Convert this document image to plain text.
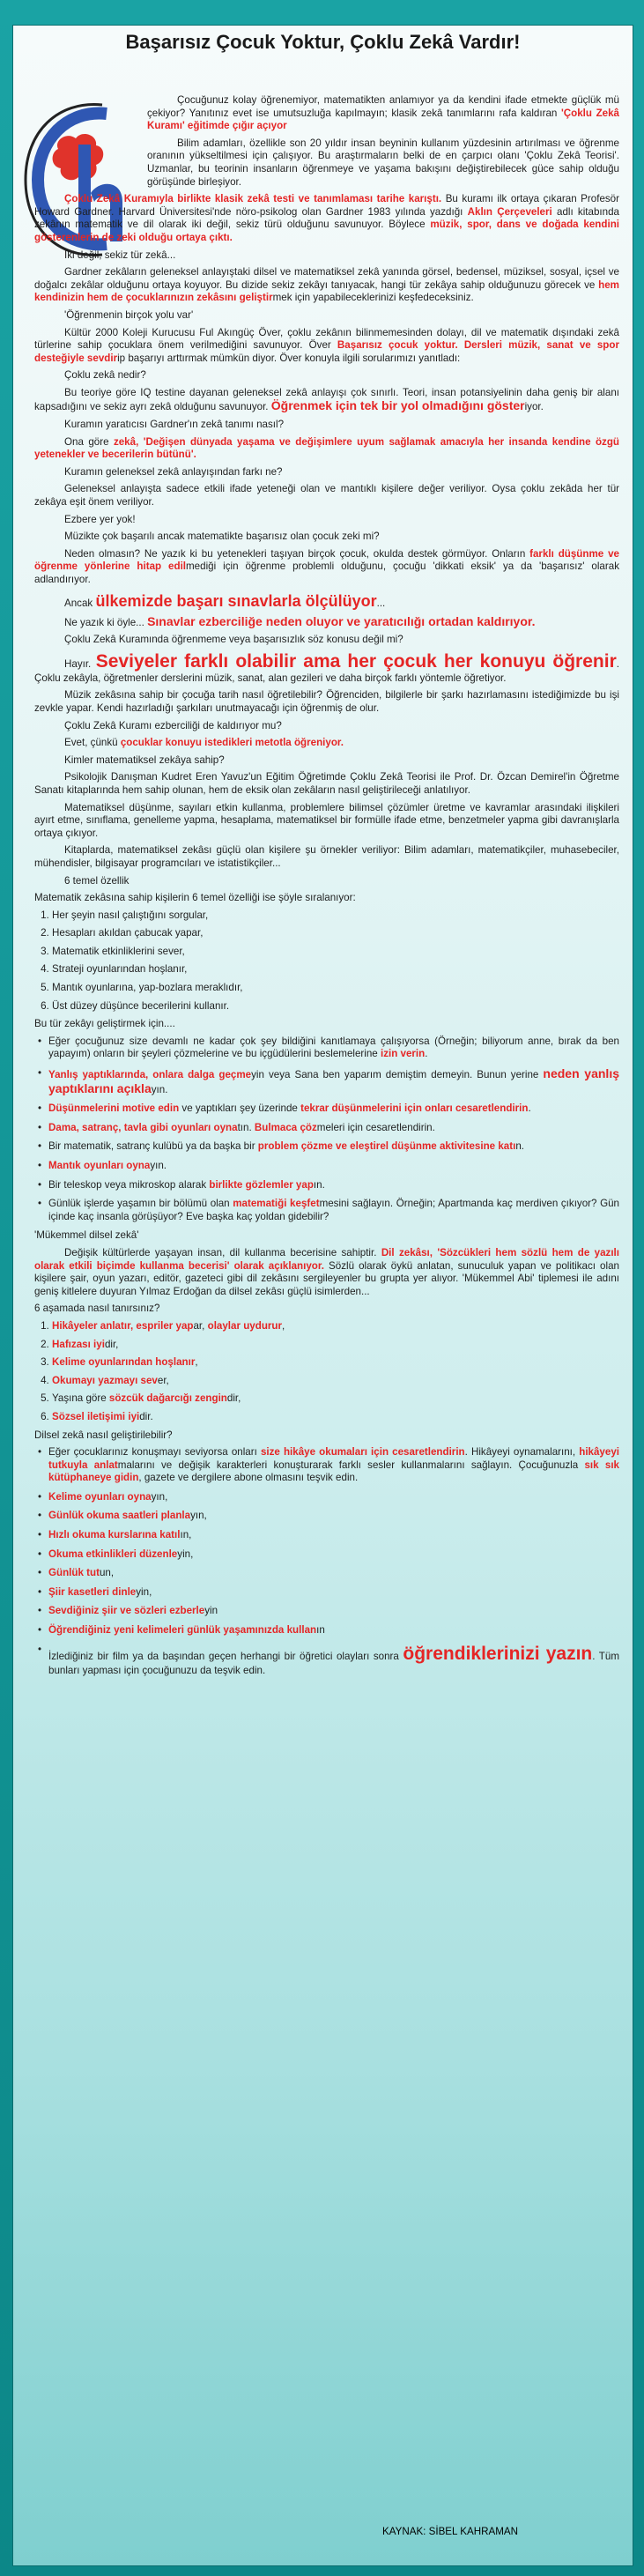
Başarısız Çocuk Yoktur, Çoklu Zekâ Vardır!

Çocuğunuz kolay öğrenemiyor, matematikten anlamıyor ya da kendini ifade etmekte güçlük mü çekiyor? Yanıtınız evet ise umutsuzluğa kapılmayın; klasik zekâ tanımlarını rafa kaldıran 'Çoklu Zekâ Kuramı' eğitimde çığır açıyor

Bilim adamları, özellikle son 20 yıldır insan beyninin kullanım yüzdesinin artırılması ve öğrenme oranının yükseltilmesi için çalışıyor. Bu araştırmaların belki de en çarpıcı olanı 'Çoklu Zekâ Teorisi'. Uzmanlar, bu teorinin insanların öğrenmeye ve yaşama bakışını değiştirebilecek güce sahip olduğu görüşünde birleşiyor.

Çoklu Zekâ Kuramıyla birlikte klasik zekâ testi ve tanımlaması tarihe karıştı. Bu kuramı ilk ortaya çıkaran Profesör Howard Gardner. Harvard Üniversitesi'nde nöro-psikolog olan Gardner 1983 yılında yazdığı Aklın Çerçeveleri adlı kitabında zekânın matematik ve dil olarak iki değil, sekiz türü olduğunu savunuyor. Böylece müzik, spor, dans ve doğada kendini gösterenlerin de zeki olduğu ortaya çıktı.

İki değil, sekiz tür zekâ...

Gardner zekâların geleneksel anlayıştaki dilsel ve matematiksel zekâ yanında görsel, bedensel, müziksel, sosyal, içsel ve doğalcı zekâlar olduğunu ortaya koyuyor. Bu dizide sekiz zekâyı tanıyacak, hangi tür zekâya sahip olduğunuzu görecek ve hem kendinizin hem de çocuklarınızın zekâsını geliştirmek için yapabileceklerinizi keşfedeceksiniz.

'Öğrenmenin birçok yolu var'

Kültür 2000 Koleji Kurucusu Ful Akıngüç Över, çoklu zekânın bilinmemesinden dolayı, dil ve matematik dışındaki zekâ türlerine sahip çocuklara önem verilmediğini savunuyor. Över Başarısız çocuk yoktur. Dersleri müzik, sanat ve spor desteğiyle sevdirip başarıyı arttırmak mümkün diyor. Över konuyla ilgili sorularımızı yanıtladı:

Çoklu zekâ nedir?

Bu teoriye göre IQ testine dayanan geleneksel zekâ anlayışı çok sınırlı. Teori, insan potansiyelinin daha geniş bir alanı kapsadığını ve sekiz ayrı zekâ olduğunu savunuyor. Öğrenmek için tek bir yol olmadığını gösteriyor.

Kuramın yaratıcısı Gardner'ın zekâ tanımı nasıl?

Ona göre zekâ, 'Değişen dünyada yaşama ve değişimlere uyum sağlamak amacıyla her insanda kendine özgü yetenekler ve becerilerin bütünü'.

Kuramın geleneksel zekâ anlayışından farkı ne?

Geleneksel anlayışta sadece etkili ifade yeteneği olan ve mantıklı kişilere değer veriliyor. Oysa çoklu zekâda her tür zekâya eşit önem veriliyor.

Ezbere yer yok!

Müzikte çok başarılı ancak matematikte başarısız olan çocuk zeki mi?

Neden olmasın? Ne yazık ki bu yetenekleri taşıyan birçok çocuk, okulda destek görmüyor. Onların farklı düşünme ve öğrenme yönlerine hitap edilmediği için öğrenme problemli olduğunu, çocuğu 'dikkati eksik' ya da 'başarısız' olarak adlandırıyor.

Ancak ülkemizde başarı sınavlarla ölçülüyor...

Ne yazık ki öyle... Sınavlar ezberciliğe neden oluyor ve yaratıcılığı ortadan kaldırıyor.

Çoklu Zekâ Kuramında öğrenmeme veya başarısızlık söz konusu değil mi?

Hayır. Seviyeler farklı olabilir ama her çocuk her konuyu öğrenir. Çoklu zekâyla, öğretmenler derslerini müzik, sanat, alan gezileri ve daha birçok farklı yöntemle öğretiyor.

Müzik zekâsına sahip bir çocuğa tarih nasıl öğretilebilir? Öğrenciden, bilgilerle bir şarkı hazırlamasını istediğimizde bu işi zevkle yapar. Kendi hazırladığı şarkıları unutmayacağı için öğrenmiş de olur.

Çoklu Zekâ Kuramı ezberciliği de kaldırıyor mu?

Evet, çünkü çocuklar konuyu istedikleri metotla öğreniyor.

Kimler matematiksel zekâya sahip?

Psikolojik Danışman Kudret Eren Yavuz'un Eğitim Öğretimde Çoklu Zekâ Teorisi ile Prof. Dr. Özcan Demirel'in Öğretme Sanatı kitaplarında hem sahip olunan, hem de eksik olan zekâların nasıl geliştirileceği anlatılıyor.

Matematiksel düşünme, sayıları etkin kullanma, problemlere bilimsel çözümler üretme ve kavramlar arasındaki ilişkileri ayırt etme, sınıflama, genelleme yapma, hesaplama, matematiksel bir formülle ifade etme, benzetmeler yapma gibi davranışlarla ortaya çıkıyor.

Kitaplarda, matematiksel zekâsı güçlü olan kişilere şu örnekler veriliyor: Bilim adamları, matematikçiler, muhasebeciler, mühendisler, bilgisayar programcıları ve istatistikçiler...

6 temel özellik

Matematik zekâsına sahip kişilerin 6 temel özelliği ise şöyle sıralanıyor:

1. Her şeyin nasıl çalıştığını sorgular,
2. Hesapları akıldan çabucak yapar,
3. Matematik etkinliklerini sever,
4. Strateji oyunlarından hoşlanır,
5. Mantık oyunlarına, yap-bozlara meraklıdır,
6. Üst düzey düşünce becerilerini kullanır.

Bu tür zekâyı geliştirmek için....

• Eğer çocuğunuz size devamlı ne kadar çok şey bildiğini kanıtlamaya çalışıyorsa (Örneğin; biliyorum anne, bırak da ben yapayım) onların bir şeyleri çözmelerine ve bu içgüdülerini beslemelerine izin verin.
• Yanlış yaptıklarında, onlara dalga geçmeyin veya Sana ben yaparım demiştim demeyin. Bunun yerine neden yanlış yaptıklarını açıklayın.
• Düşünmelerini motive edin ve yaptıkları şey üzerinde tekrar düşünmelerini için onları cesaretlendirin.
• Dama, satranç, tavla gibi oyunları oynatın. Bulmaca çözmeleri için cesaretlendirin.
• Bir matematik, satranç kulübü ya da başka bir problem çözme ve eleştirel düşünme aktivitesine katın.
• Mantık oyunları oynayın.
• Bir teleskop veya mikroskop alarak birlikte gözlemler yapın.
• Günlük işlerde yaşamın bir bölümü olan matematiği keşfetmesini sağlayın. Örneğin; Apartmanda kaç merdiven çıkıyor? Gün içinde kaç insanla görüşüyor? Eve başka kaç yoldan gidebilir?

'Mükemmel dilsel zekâ'

Değişik kültürlerde yaşayan insan, dil kullanma becerisine sahiptir. Dil zekâsı, 'Sözcükleri hem sözlü hem de yazılı olarak etkili biçimde kullanma becerisi' olarak açıklanıyor. Sözlü olarak öykü anlatan, sunuculuk yapan ve politikacı olan kişilere şair, oyun yazarı, editör, gazeteci gibi dil zekâsını sergileyenler bu grupta yer alıyor. 'Mükemmel Abi' tiplemesi ile adını geniş kitlelere duyuran Yılmaz Erdoğan da dilsel zekâsı güçlü isimlerden...

6 aşamada nasıl tanırsınız?

1. Hikâyeler anlatır, espriler yapar, olaylar uydurur,
2. Hafızası iyidir,
3. Kelime oyunlarından hoşlanır,
4. Okumayı yazmayı sever,
5. Yaşına göre sözcük dağarcığı zengindir,
6. Sözsel iletişimi iyidir.

Dilsel zekâ nasıl geliştirilebilir?

• Eğer çocuklarınız konuşmayı seviyorsa onları size hikâye okumaları için cesaretlendirin. Hikâyeyi oynamalarını, hikâyeyi tutkuyla anlatmalarını ve değişik karakterleri konuşturarak farklı sesler kullanmalarını sağlayın. Çocuğunuzla sık sık kütüphaneye gidin, gazete ve dergilere abone olmasını teşvik edin.
• Kelime oyunları oynayın,
• Günlük okuma saatleri planlayın,
• Hızlı okuma kurslarına katılın,
• Okuma etkinlikleri düzenleyin,
• Günlük tutun,
• Şiir kasetleri dinleyin,
• Sevdiğiniz şiir ve sözleri ezberleyin
• Öğrendiğiniz yeni kelimeleri günlük yaşamınızda kullanın
• İzlediğiniz bir film ya da başından geçen herhangi bir öğretici olayları sonra öğrendiklerinizi yazın. Tüm bunları yapması için çocuğunuzu da teşvik edin.
KAYNAK: SİBEL KAHRAMAN
